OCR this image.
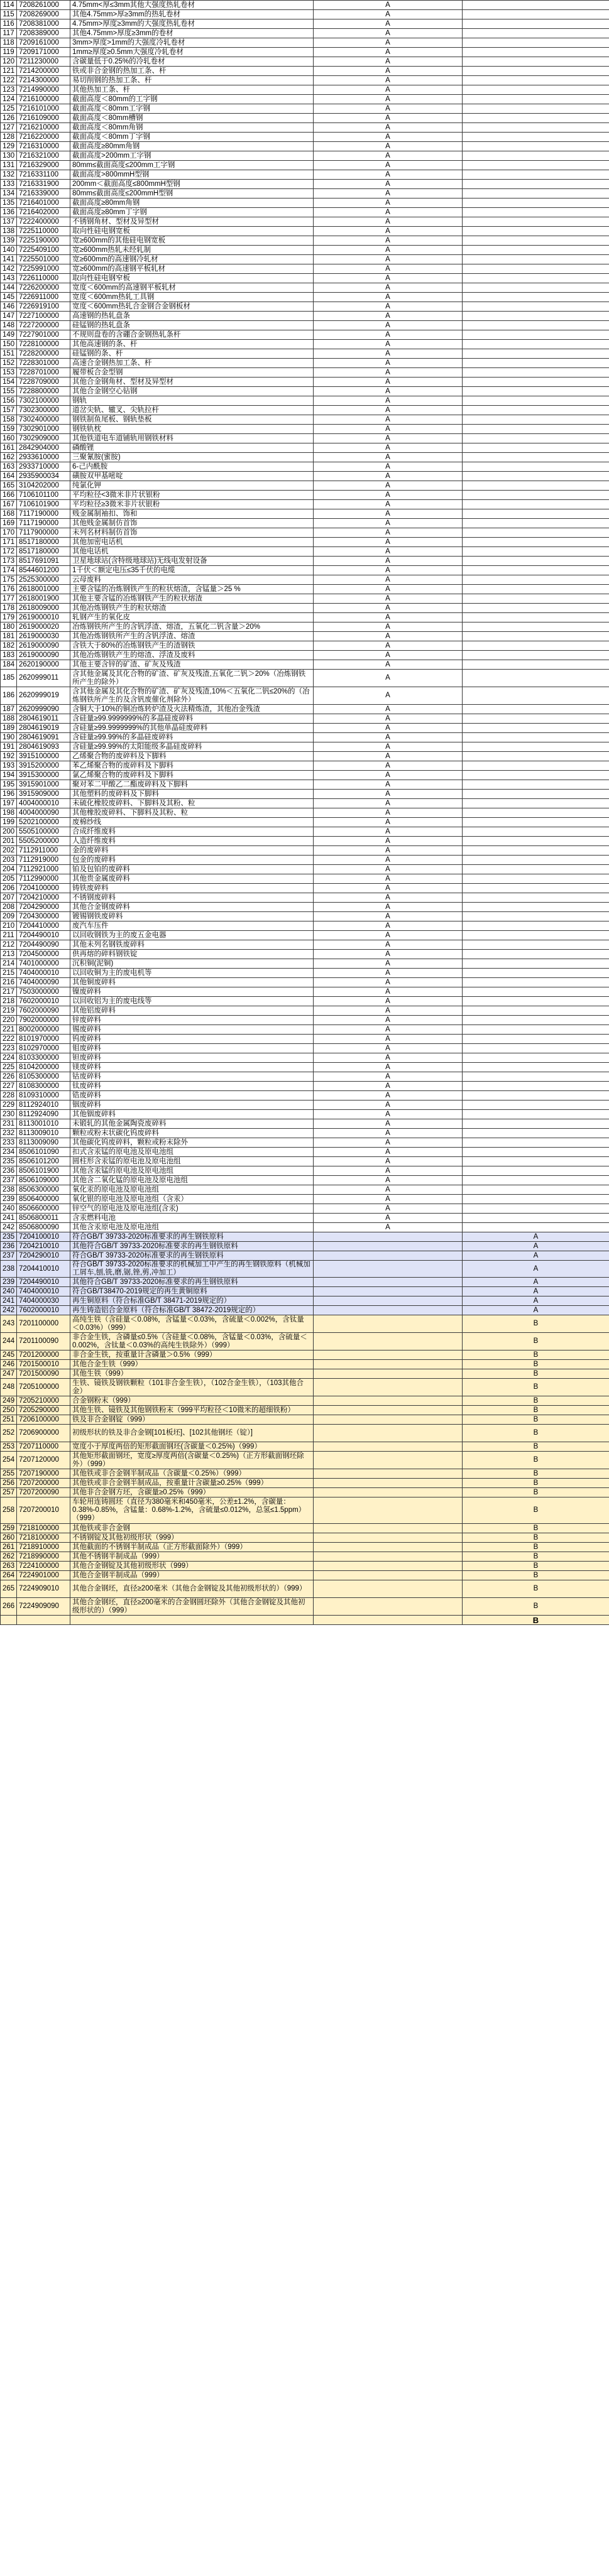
114	7208261000	4.75mm<厚≤3mm其他大强度热轧卷材	A	
115	7208269000	其他4.75mm>厚≥3mm的热轧卷材	A	
116	7208381000	4.75mm>厚度≥3mm的大强度热轧卷材	A	
117	7208389000	其他4.75mm>厚度≥3mm的卷材	A	
118	7209161000	3mm>厚度>1mm的大强度冷轧卷材	A	
119	7209171000	1mm≥厚度≥0.5mm大强度冷轧卷材	A	
120	7211230000	含碳量低于0.25%的冷轧卷材	A	
121	7214200000	铁或非合金钢的热加工条、杆	A	
122	7214300000	易切削钢的热加工条、杆	A	
123	7214990000	其他热加工条、杆	A	
124	7216100000	截面高度＜80mm的工字钢	A	
125	7216101000	截面高度＜80mm工字钢	A	
126	7216109000	截面高度＜80mm槽钢	A	
127	7216210000	截面高度＜80mm角钢	A	
128	7216220000	截面高度＜80mm丁字钢	A	
129	7216310000	截面高度≥80mm角钢	A	
130	7216321000	截面高度>200mm工字钢	A	
131	7216329000	80mm≤截面高度≤200mm工字钢	A	
132	7216331100	截面高度>800mmH型钢	A	
133	7216331900	200mm＜截面高度≤800mmH型钢	A	
134	7216339000	80mm≤截面高度≤200mmH型钢	A	
135	7216401000	截面高度≥80mm角钢	A	
136	7216402000	截面高度≥80mm丁字钢	A	
137	7222400000	不锈钢角材、型材及异型材	A	
138	7225110000	取向性硅电钢宽板	A	
139	7225190000	宽≥600mm的其他硅电钢宽板	A	
140	7225409100	宽≥600mm热轧未经轧制	A	
141	7225501000	宽≥600mm的高速钢冷轧材	A	
142	7225991000	宽≥600mm的高速钢平板轧材	A	
143	7226110000	取向性硅电钢窄板	A	
144	7226200000	宽度＜600mm的高速钢平板轧材	A	
145	7226911000	宽度＜600mm热轧工具钢	A	
146	7226919100	宽度＜600mm热轧合金钢合金钢板材	A	
147	7227100000	高速钢的热轧盘条	A	
148	7227200000	硅锰钢的热轧盘条	A	
149	7227901000	不规则盘卷的含硼合金钢热轧条杆	A	
150	7228100000	其他高速钢的条、杆	A	
151	7228200000	硅锰钢的条、杆	A	
152	7228301000	高速合金钢热加工条、杆	A	
153	7228701000	履带板合金型钢	A	
154	7228709000	其他合金钢角材、型材及异型材	A	
155	7228800000	其他合金钢空心钻钢	A	
156	7302100000	钢轨	A	
157	7302300000	道岔尖轨、辙叉、尖轨拉杆	A	
158	7302400000	钢铁制鱼尾板、钢轨垫板	A	
159	7302901000	钢铁轨枕	A	
160	7302909000	其他铁道电车道铺轨用钢铁材料	A	
161	2842904000	磷酸锂	A	
162	2933610000	三聚氰胺(蜜胺)	A	
163	2933710000	6-己内酰胺	A	
164	2935900034	磺胺双甲基嘧啶	A	
165	3104202000	纯氯化钾	A	
166	7106101100	平均粒径<3微米非片状银粉	A	
167	7106101900	平均粒径≥3微米非片状银粉	A	
168	7117190000	贱金属制袖扣、饰和	A	
169	7117190000	其他贱金属制仿首饰	A	
170	7117900000	未列名材料制仿首饰	A	
171	8517180000	其他加密电话机	A	
172	8517180000	其他电话机	A	
173	8517691091	卫星地球站(含特级地球站)无线电发射设备	A	
174	8544601200	1千伏＜额定电压≤35千伏的电缆	A	
175	2525300000	云母废料	A	
176	2618001000	主要含锰的冶炼钢铁产生的粒状熔渣，含锰量＞25 %	A	
177	2618001900	其他主要含锰的冶炼钢铁产生的粒状熔渣	A	
178	2618009000	其他冶炼钢铁产生的粒状熔渣	A	
179	2619000010	轧钢产生的氧化皮	A	
180	2619000020	冶炼钢铁所产生的含钒浮渣、熔渣，五氧化二钒含量＞20%	A	
181	2619000030	其他冶炼钢铁所产生的含钒浮渣、熔渣	A	
182	2619000090	含铁大于80%的冶炼钢铁产生的渣钢铁	A	
183	2619000090	其他冶炼钢铁产生的熔渣、浮渣及废料	A	
184	2620190000	其他主要含锌的矿渣、矿灰及残渣	A	
185	2620999011	含其他金属及其化合物的矿渣、矿灰及残渣,五氧化二钒＞20%（冶炼钢铁所产生的除外）	A	
186	2620999019	含其他金属及其化合物的矿渣、矿灰及残渣,10%＜五氧化二钒≤20%的（冶炼钢铁所产生的及含钒废催化剂除外）	A	
187	2620999090	含铜大于10%的铜冶炼转炉渣及火法精炼渣，其他冶金残渣	A	
188	2804619011	含硅量≥99.9999999%的多晶硅废碎料	A	
189	2804619019	含硅量≥99.9999999%的其他单晶硅废碎料	A	
190	2804619091	含硅量≥99.99%的多晶硅废碎料	A	
191	2804619093	含硅量≥99.99%的太阳能级多晶硅废碎料	A	
192	3915100000	乙烯聚合物的废碎料及下脚料	A	
193	3915200000	苯乙烯聚合物的废碎料及下脚料	A	
194	3915300000	氯乙烯聚合物的废碎料及下脚料	A	
195	3915901000	聚对苯二甲酸乙二酯废碎料及下脚料	A	
196	3915909000	其他塑料的废碎料及下脚料	A	
197	4004000010	未硫化橡胶废碎料、下脚料及其粉、粒	A	
198	4004000090	其他橡胶废碎料、下脚料及其粉、粒	A	
199	5202100000	废棉纱线	A	
200	5505100000	合成纤维废料	A	
201	5505200000	人造纤维废料	A	
202	7112911000	金的废碎料	A	
203	7112919000	包金的废碎料	A	
204	7112921000	铂及包铂的废碎料	A	
205	7112990000	其他贵金属废碎料	A	
206	7204100000	铸铁废碎料	A	
207	7204210000	不锈钢废碎料	A	
208	7204290000	其他合金钢废碎料	A	
209	7204300000	镀锡钢铁废碎料	A	
210	7204410000	废汽车压件	A	
211	7204490010	以回收钢铁为主的废五金电器	A	
212	7204490090	其他未列名钢铁废碎料	A	
213	7204500000	供再熔的碎料钢铁锭	A	
214	7401000000	沉积铜(泥铜)	A	
215	7404000010	以回收铜为主的废电机等	A	
216	7404000090	其他铜废碎料	A	
217	7503000000	镍废碎料	A	
218	7602000010	以回收铝为主的废电线等	A	
219	7602000090	其他铝废碎料	A	
220	7902000000	锌废碎料	A	
221	8002000000	锡废碎料	A	
222	8101970000	钨废碎料	A	
223	8102970000	钼废碎料	A	
224	8103300000	钽废碎料	A	
225	8104200000	镁废碎料	A	
226	8105300000	钴废碎料	A	
227	8108300000	钛废碎料	A	
228	8109310000	锆废碎料	A	
229	8112924010	铟废碎料	A	
230	8112924090	其他铟废碎料	A	
231	8113001010	未锻轧的其他金属陶瓷废碎料	A	
232	8113009010	颗粒或粉末状碳化钨废碎料	A	
233	8113009090	其他碳化钨废碎料，颗粒或粉末除外	A	
234	8506101090	扣式含汞锰的原电池及原电池组	A	
235	8506101200	圆柱形含汞锰的原电池及原电池组	A	
236	8506101900	其他含汞锰的原电池及原电池组	A	
237	8506109000	其他含二氧化锰的原电池及原电池组	A	
238	8506300000	氧化汞的原电池及原电池组	A	
239	8506400000	氧化银的原电池及原电池组（含汞）	A	
240	8506600000	锌空气的原电池及原电池组(含汞)	A	
241	8506800011	含汞燃料电池	A	
242	8506800090	其他含汞原电池及原电池组	A	
235	7204100010	符合GB/T 39733-2020标准要求的再生钢铁原料		A
236	7204210010	其他符合GB/T 39733-2020标准要求的再生钢铁原料		A
237	7204290010	符合GB/T 39733-2020标准要求的再生钢铁原料		A
238	7204410010	符合GB/T 39733-2020标准要求的机械加工中产生的再生钢铁原料（机械加工屑车,刨,铣,磨,锯,锉,剪,冲加工）		A
239	7204490010	其他符合GB/T 39733-2020标准要求的再生钢铁原料		A
240	7404000010	符合GB/T38470-2019规定的再生黄铜原料		A
241	7404000030	再生铜原料（符合标准GB/T 38471-2019规定的）		A
242	7602000010	再生铸造铝合金原料（符合标准GB/T 38472-2019规定的）		A
243	7201100000	高纯生铁（含硅量＜0.08%，含锰量＜0.03%，含硫量＜0.002%，含钛量＜0.03%）（999）		B
244	7201100090	非合金生铁，含磷量≤0.5%（含硅量＜0.08%，含锰量＜0.03%，含硫量＜0.002%，含钛量＜0.03%的高纯生铁除外）（999）		B
245	7201200000	非合金生铁，按重量计含磷量＞0.5%（999）		B
246	7201500010	其他合金生铁（999）		B
247	7201500090	其他生铁（999）		B
248	7205100000	生铁、镜铁及钢铁颗粒（101非合金生铁），（102合金生铁），（103其他合金）		B
249	7205210000	合金钢粉末（999）		B
250	7205290000	其他生铁、镜铁及其他钢铁粉末（999平均粒径＜10微米的超细铁粉）		B
251	7206100000	铁及非合金钢锭（999）		B
252	7206900000	初级形状的铁及非合金钢[101板坯]、[102其他钢坯（锭）]		B
253	7207110000	宽度小于厚度两倍的矩形截面钢坯(含碳量＜0.25%)（999）		B
254	7207120000	其他矩形截面钢坯，宽度≥厚度两倍(含碳量＜0.25%)（正方形截面钢坯除外）（999）		B
255	7207190000	其他铁或非合金钢半制成品（含碳量＜0.25%）（999）		B
256	7207200000	其他铁或非合金钢半制成品，按重量计含碳量≥0.25%（999）		B
257	7207200090	其他非合金钢方坯，含碳量≥0.25%（999）		B
258	7207200010	车轮用连铸圆坯（直径为380毫米和450毫米，公差±1.2%，含碳量：0.38%-0.85%，含锰量：0.68%-1.2%，含硫量≤0.012%，总氢≤1.5ppm）（999）		B
259	7218100000	其他铁或非合金钢		B
260	7218100000	不锈钢锭及其他初级形状（999）		B
261	7218910000	其他截面的不锈钢半制成品（正方形截面除外）（999）		B
262	7218990000	其他不锈钢半制成品（999）		B
263	7224100000	其他合金钢锭及其他初级形状（999）		B
264	7224901000	其他合金钢半制成品（999）		B
265	7224909010	其他合金钢坯，直径≥200毫米（其他合金钢锭及其他初级形状的）（999）		B
266	7224909090	其他合金钢坯，直径≥200毫米的合金钢圆坯除外（其他合金钢锭及其他初级形状的）（999）		B
				B
